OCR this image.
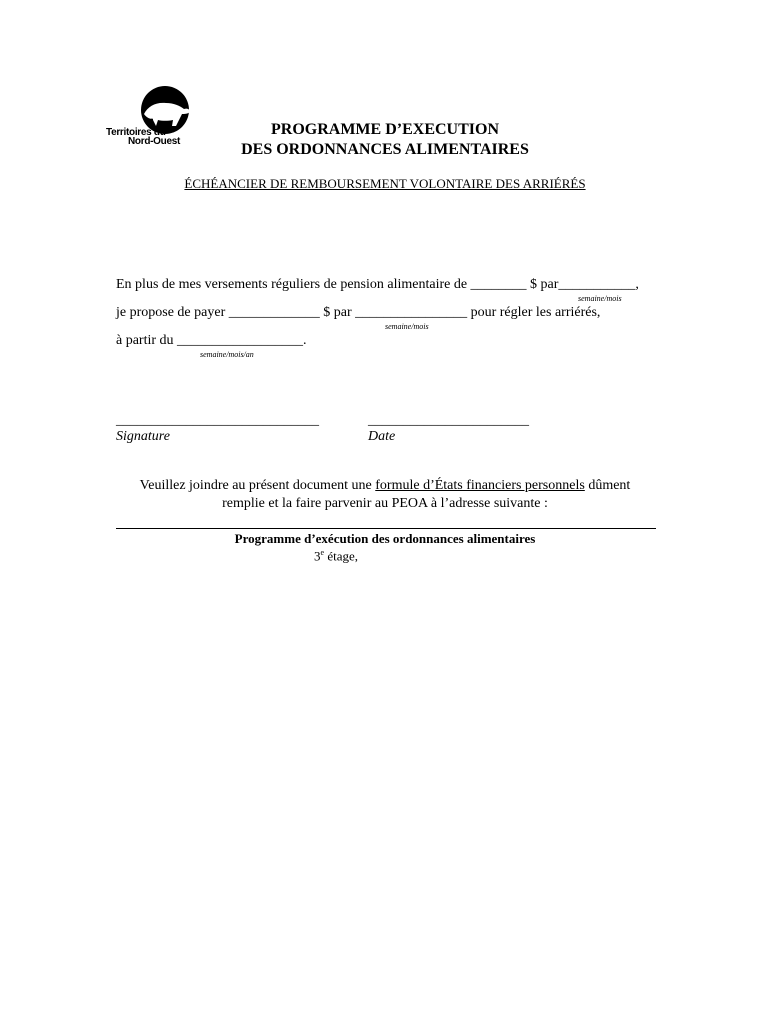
Territoires du
Nord-Ouest
PROGRAMME D’EXECUTION
DES ORDONNANCES ALIMENTAIRES
ÉCHÉANCIER DE REMBOURSEMENT VOLONTAIRE DES ARRIÉRÉS
En plus de mes versements réguliers de pension alimentaire de ________ $ par___________,
semaine/mois
je propose de payer _____________ $ par ________________ pour régler les arriérés,
semaine/mois
à partir du __________________.
semaine/mois/an
_____________________________	_______________________
Signature	Date
Veuillez joindre au présent document une formule d’États financiers personnels dûment
remplie et la faire parvenir au PEOA à l’adresse suivante :
Programme d’exécution des ordonnances alimentaires
3e étage,
